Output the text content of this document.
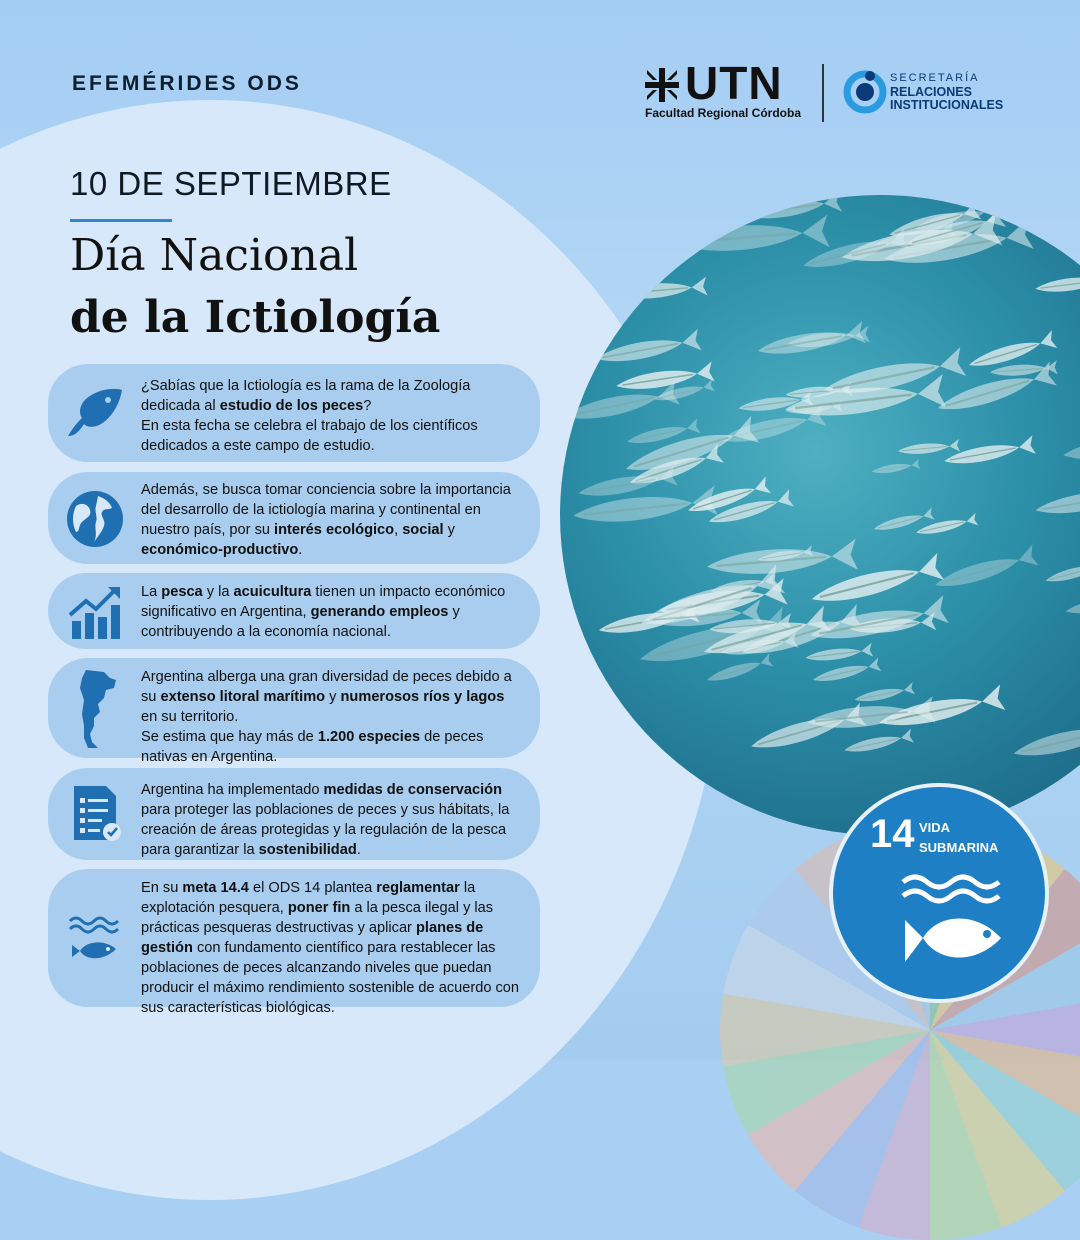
EFEMÉRIDES ODS	UTN
Facultad Regional Córdoba
SECRETARÍA
RELACIONES
INSTITUCIONALES
10 DE SEPTIEMBRE
Día Nacional
de la Ictiología
¿Sabías que la Ictiología es la rama de la Zoología dedicada al estudio de los peces?
En esta fecha se celebra el trabajo de los científicos dedicados a este campo de estudio.
Además, se busca tomar conciencia sobre la importancia del desarrollo de la ictiología marina y continental en nuestro país, por su interés ecológico, social y económico-productivo.
La pesca y la acuicultura tienen un impacto económico significativo en Argentina, generando empleos y contribuyendo a la economía nacional.
Argentina alberga una gran diversidad de peces debido a su extenso litoral marítimo y numerosos ríos y lagos en su territorio.
Se estima que hay más de 1.200 especies de peces nativas en Argentina.
Argentina ha implementado medidas de conservación para proteger las poblaciones de peces y sus hábitats, la creación de áreas protegidas y la regulación de la pesca para garantizar la sostenibilidad.
En su meta 14.4 el ODS 14 plantea reglamentar la explotación pesquera, poner fin a la pesca ilegal y las prácticas pesqueras destructivas y aplicar planes de gestión con fundamento científico para restablecer las poblaciones de peces alcanzando niveles que puedan producir el máximo rendimiento sostenible de acuerdo con sus características biológicas.
14 VIDA
SUBMARINA
